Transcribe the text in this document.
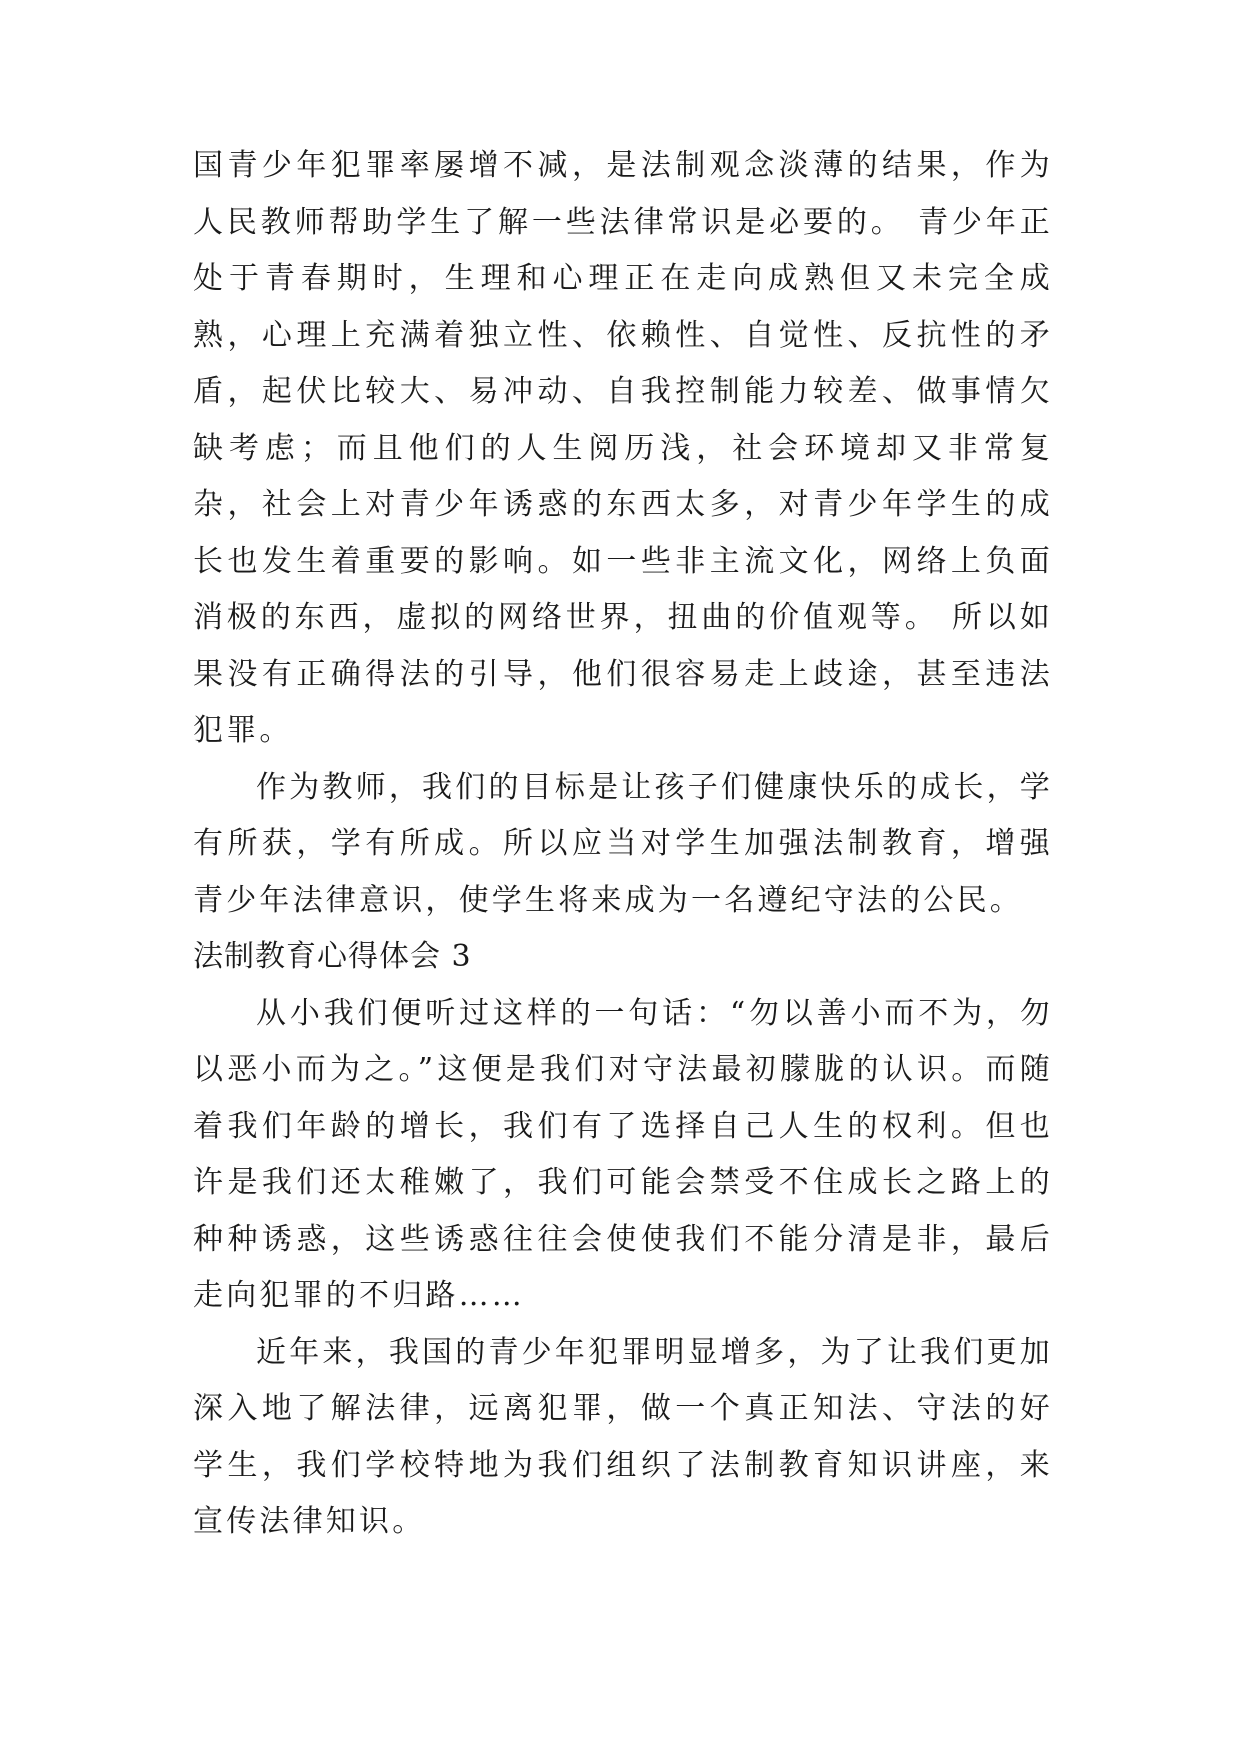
国青少年犯罪率屡增不减，是法制观念淡薄的结果，作为人民教师帮助学生了解一些法律常识是必要的。 青少年正处于青春期时，生理和心理正在走向成熟但又未完全成熟，心理上充满着独立性、依赖性、自觉性、反抗性的矛盾，起伏比较大、易冲动、自我控制能力较差、做事情欠缺考虑；而且他们的人生阅历浅，社会环境却又非常复杂，社会上对青少年诱惑的东西太多，对青少年学生的成长也发生着重要的影响。如一些非主流文化，网络上负面消极的东西，虚拟的网络世界，扭曲的价值观等。 所以如果没有正确得法的引导，他们很容易走上歧途，甚至违法犯罪。

作为教师，我们的目标是让孩子们健康快乐的成长，学有所获，学有所成。所以应当对学生加强法制教育，增强青少年法律意识，使学生将来成为一名遵纪守法的公民。

法制教育心得体会 3

从小我们便听过这样的一句话：“勿以善小而不为，勿以恶小而为之。”这便是我们对守法最初朦胧的认识。而随着我们年龄的增长，我们有了选择自己人生的权利。但也许是我们还太稚嫩了，我们可能会禁受不住成长之路上的种种诱惑，这些诱惑往往会使使我们不能分清是非，最后走向犯罪的不归路……

近年来，我国的青少年犯罪明显增多，为了让我们更加深入地了解法律，远离犯罪，做一个真正知法、守法的好学生，我们学校特地为我们组织了法制教育知识讲座，来宣传法律知识。
